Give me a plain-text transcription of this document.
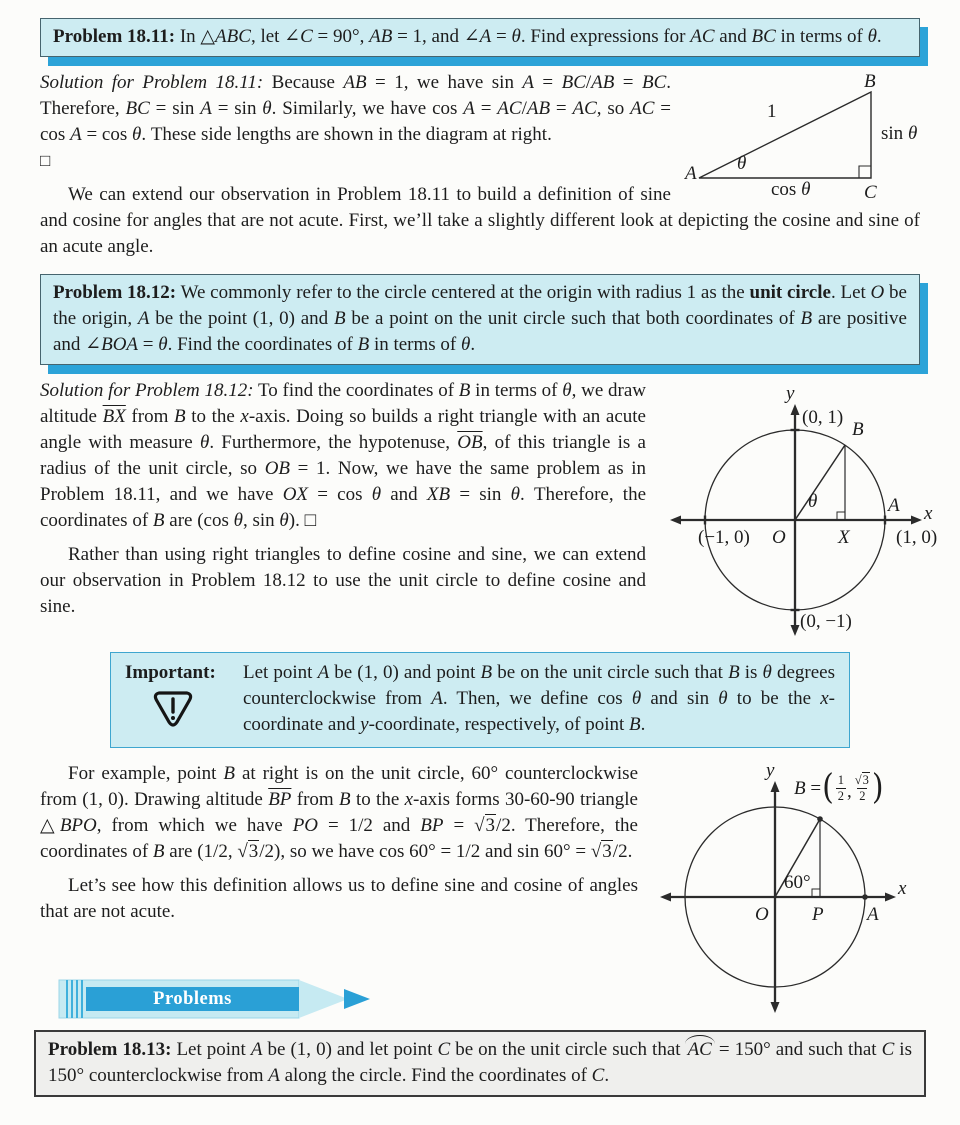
Problem 18.11: In △ABC, let ∠C = 90°, AB = 1, and ∠A = θ. Find expressions for AC and BC in terms of θ.
A
B
C
1
θ
sin θ
cos θ

Solution for Problem 18.11: Because AB = 1, we have sin A = BC/AB = BC. Therefore, BC = sin A = sin θ. Similarly, we have cos A = AC/AB = AC, so AC = cos A = cos θ. These side lengths are shown in the diagram at right.

□

We can extend our observation in Problem 18.11 to build a definition of sine and cosine for angles that are not acute. First, we’ll take a slightly different look at depicting the cosine and sine of an acute angle.

Problem 18.12: We commonly refer to the circle centered at the origin with radius 1 as the unit circle. Let O be the origin, A be the point (1, 0) and B be a point on the unit circle such that both coordinates of B are positive and ∠BOA = θ. Find the coordinates of B in terms of θ.
y
(0, 1)
B
θ
(−1, 0) O	X
A
(1, 0)
x
(0, −1)

Solution for Problem 18.12: To find the coordinates of B in terms of θ, we draw altitude $\overline{BX}$ from B to the x-axis. Doing so builds a right triangle with an acute angle with measure θ. Furthermore, the hypotenuse, $\overline{OB}$, of this triangle is a radius of the unit circle, so OB = 1. Now, we have the same problem as in Problem 18.11, and we have OX = cos θ and XB = sin θ. Therefore, the coordinates of B are (cos θ, sin θ). □

Rather than using right triangles to define cosine and sine, we can extend our observation in Problem 18.12 to use the unit circle to define cosine and sine.

Important: Let point A be (1, 0) and point B be on the unit circle such that B is θ degrees counterclockwise from A. Then, we define cos θ and sin θ to be the x-coordinate and y-coordinate, respectively, of point B.
y
x
60°
O P A
B = ( $\frac{1}{2}$ , $\frac{√3}{2}$ )

For example, point B at right is on the unit circle, 60° counterclockwise from (1, 0). Drawing altitude $\overline{BP}$ from B to the x-axis forms 30-60-90 triangle △BPO, from which we have PO = 1/2 and BP = √3/2. Therefore, the coordinates of B are (1/2, √3/2), so we have cos 60° = 1/2 and sin 60° = √3/2.

Let’s see how this definition allows us to define sine and cosine of angles that are not acute.

Problems
Problem 18.13: Let point A be (1, 0) and let point C be on the unit circle such that AC = 150° and such that C is 150° counterclockwise from A along the circle. Find the coordinates of C.
